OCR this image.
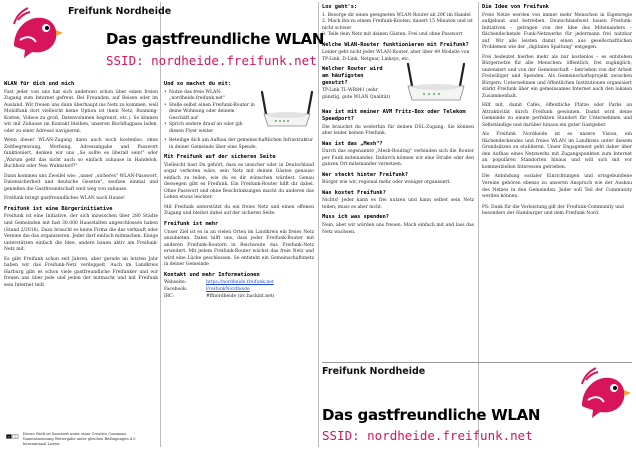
Freifunk Nordheide
Das gastfreundliche WLAN
SSID: nordheide.freifunk.net
WLAN für dich und mich
Fast jeder von uns hat sich anderswo schon über einen freien Zugang zum Internet gefreut. Bei Freunden, auf Reisen oder im Ausland. Wir freuen uns dann überhaupt ins Netz zu kommen, weil Mobilfunk dort vielleicht keine Option ist (kein Netz, Roaming-Kosten, Videos zu groß, Datenvolumen begrenzt, etc.). So können wir mit Zuhause im Kontakt bleiben, unseren Buchflugpass laden, oder zu einer Adresse navigieren.
Wenn dieser WLAN-Zugang dann auch noch kostenlos, ohne Zeitbegrenzung, Werbung, Adressangabe und Passwort funktioniert, denken wir uns „So sollte es überall sein!" oder „Warum geht das nicht auch so einfach zuhause in Handeloh, Buchholz oder Neu Wulmstorf?"
Dann kommen uns Zweifel wie: „unser „sicheres" WLAN-Passwort, Datensicherheit und deutsche Gesetze", seufzen einmal und genießen die Gastfreundschaft weit weg von zuhause.
Freifunk bringt gastfreundliches WLAN nach Hause!
Freifunk ist eine Bürgerinitiative
Freifunk ist eine Initiative, der sich inzwischen über 280 Städte und Gemeinden mit fast 30.000 Hausstalten angeschlossen haben (Stand 2/2016). Dazu braucht es keine Firma die das verkauft oder Vereine die das organisieren. Jeder darf einfach mitmachen. Einige unterstützen einfach die Idee, andere bauen aktiv am Freifunk-Netz mit.
Es gibt Freifunk schon seit Jahren, aber gerade im letzten Jahr haben wir das Freifunk-Netz verdoppelt. Auch im Landkreis Harburg gibt es schon viele gastfreundliche Freifunker und wir freuen uns über jede und jeden der mitmacht und mit Freifunk sein Internet teilt.
cc
Dieses Werk ist lizenziert unter einer Creative Commons Namensnennung Weitergabe unter gleichen Bedingungen 4.0 International Lizenz.
Und so machst du mit:
• Nutze das freie WLAN: „nordheide.freifunk.net"
• Stelle selbst einen Freifunk-Router in deine Wohnung oder deinem Geschäft auf
• Sprich andere drauf an oder gib diesen Flyer weiter
• Beteilige dich am Aufbau der gemeinschaftlichen Infrastruktur in deiner Gemeinde über eine Spende.
Mit Freifunk auf der sicheren Seite
Vielleicht hast Du gehört, dass es unsicher oder in Deutschland sogar verboten wäre, sein Netz mit deinen Gästen genauso einfach zu teilen, wie du es dir wünschen würdest. Genau deswegen gibt es Freifunk. Ein Freifunk-Router hilft dir dabei. Ohne Passwort und ohne Beschränkungen macht du anderen das Leben etwas leichter.
Mit Freifunk unterstützt du ein freies Netz und einen offenen Zugang und bleibst dabei auf der sicheren Seite.
Freifunk ist mehr
Unser Ziel ist es in an vielen Orten im Landkreis ein freies Netz anzubieten. Dabei hilft uns, dass jeder Freifunk-Router mit anderen Freifunk-Routern in Reichweite das Freifunk-Netz erweitert. Mit jedem Freifunk-Router wächst das freie Netz und wird eine Lücke geschlossen. So entsteht ein Gemeinschaftsnetz in deiner Gemeinde
Kontakt und mehr Informationen
Webseite:	https://nordheide.freifunk.net
Facebook:	FreifunkNordheide
IRC:	#ffnordheide (irc.hackint.net)
Los geht's:
1. Besorge dir einen geeigneten WLAN-Router ab 20€ im Handel
2. Mach ihn zu einem Freifunk-Knoten, dauert 15 Minuten und ist nicht schwer
3. Teile dein Netz mit deinen Gästen. Frei und ohne Passwort
Welche WLAN-Router funktionieren mit Freifunk?
Leider geht nicht jeder WLAN-Router, aber über 49 Modelle von TP-Link, D-Link, Netgear, Linksys, etc.
Welcher Router wird am häufigsten genutzt?
TP-Link TL-WR841 (sehr günstig, gute WLAN Qualität)
Was ist mit meiner AVM Fritz-Box oder Telekom Speedport?
Die brauchst du weiterhin für deinen DSL-Zugang. Sie können aber leider keinen Freifunk.
Was ist das „Mesh"?
Durch das sogenannte „Mesh-Routing" verbinden sich die Router per Funk miteinander. Dadurch können wir eine Straße oder den ganzen Ort miteinander vernetzen.
Wer steckt hinter Freifunk?
Bürger wie wir, regional mehr oder weniger organisiert.
Was kostet Freifunk?
Nichts! Jeder kann es frei nutzen und kann selber sein Netz teilen; muss es aber nicht.
Muss ich was spenden?
Nein, aber wir würden uns freuen. Mach einfach mit und lass das Netz wachsen.
Die Idee von Freifunk
Freie Netze werden von immer mehr Menschen in Eigenregie aufgebaut und betrieben. Deutschlandweit bauen Freifunk-Initiativen – getragen von der Idee des Miteinanders – flächendeckende Funk-Netzwerke für jedermann frei nutzbar auf. Wir alle leisten damit einen aus gesellschaftlichen Problemen wie der „digitalen Spaltung" entgegen.
Frei bedeutet hierbei mehr als nur kostenlos – es entstehen Bürgernetze für alle Menschen: öffentlich, frei zugänglich, unzensiert und von der Gemeinschaft – betrieben von der Arbeit Freiwilliger und Spenden. Als Gemeinschaftsprojekt zwischen Bürgern, Unternehmen und öffentlichen Institutionen organisiert stärkt Freifunk über ein gemeinsames Internet auch den lokalen Zusammenhalt.
Hilf mit, damit Cafés, öffentliche Plätze oder Parks an Attraktivität durch Freifunk gewinnen. Damit wird deine Gemeinde zu einem perfekten Standort für Unternehmen und Selbständige und darüber hinaus ein guter Gastgeber.
Als Freifunk Nordheide ist es unsere Vision, ein flächendeckendes und freies WLAN im Landkreis unter diesem Grundsätzen zu etablieren. Unser Engagement geht daher über den Aufbau eines Netzwerks mit Zugangspunkten zum Internet an populären Standorten hinaus und will sich mit vor kommerziellen Interessen getrieben.
Die Anbindung sozialer Einrichtungen und ortsgebundene Vereine gehören ebenso zu unseren Anspruch wie der Ausbau des Netzes in den Gemeinden. Jeder soll Teil der Community werden können.
PS: Dank für die Vorleistung gilt der Freifunk-Community und besonders der Hamburger und dem Freifunk Nord.
Freifunk Nordheide
Das gastfreundliche WLAN
SSID: nordheide.freifunk.net
